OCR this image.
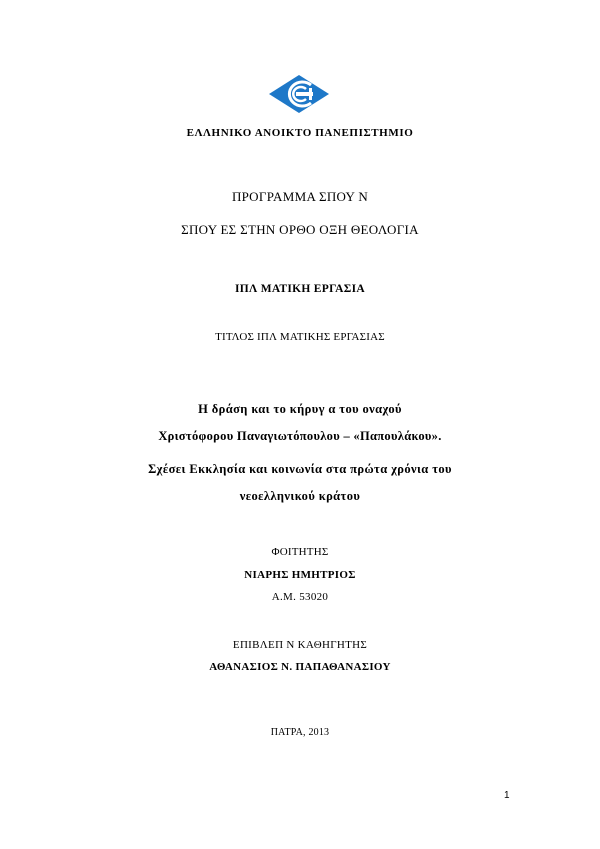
ΕΛΛΗΝΙΚΟ ΑΝΟΙΚΤΟ ΠΑΝΕΠΙΣΤΗΜΙΟ
ΠΡΟΓΡΑΜΜΑ ΣΠΟΥ Ν
ΣΠΟΥ ΕΣ ΣΤΗΝ ΟΡΘΟ ΟΞΗ ΘΕΟΛΟΓΙΑ
ΙΠΛ ΜΑΤΙΚΗ ΕΡΓΑΣΙΑ
ΤΙΤΛΟΣ ΙΠΛ ΜΑΤΙΚΗΣ ΕΡΓΑΣΙΑΣ
Η δράση και το κήρυγ α του οναχού
Χριστόφορου Παναγιωτόπουλου – «Παπουλάκου».
Σχέσει Εκκλησία και κοινωνία στα πρώτα χρόνια του
νεοελληνικού κράτου
ΦΟΙΤΗΤΗΣ
ΝΙΑΡΗΣ ΗΜΗΤΡΙΟΣ
Α.Μ. 53020
ΕΠΙΒΛΕΠ Ν ΚΑΘΗΓΗΤΗΣ
ΑΘΑΝΑΣΙΟΣ Ν. ΠΑΠΑΘΑΝΑΣΙΟΥ
ΠΑΤΡΑ, 2013
1
